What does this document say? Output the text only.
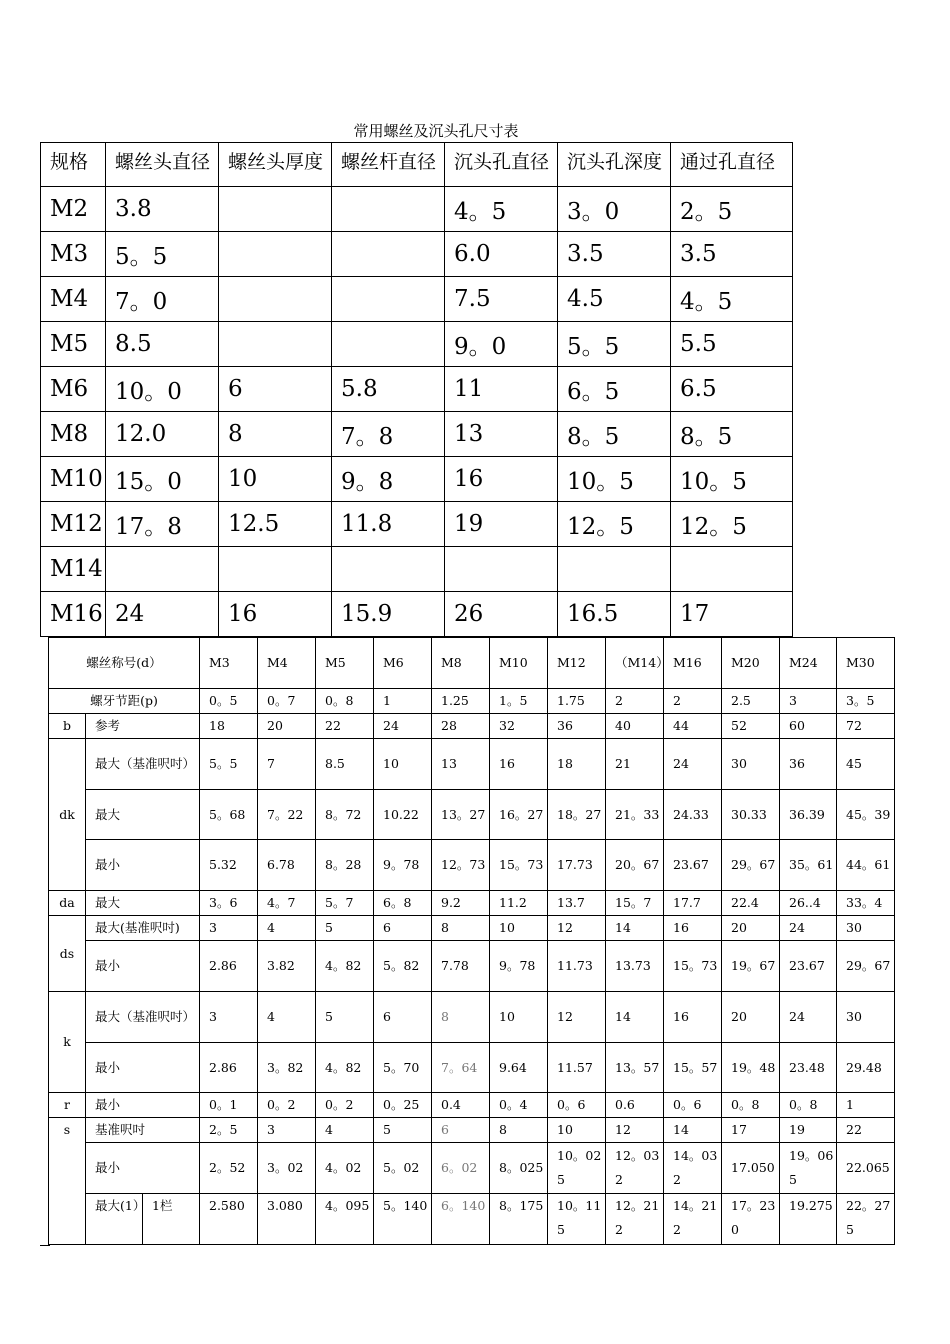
常用螺丝及沉头孔尺寸表
规格	螺丝头直径	螺丝头厚度	螺丝杆直径	沉头孔直径	沉头孔深度	通过孔直径
M2	3.8			4。5	3。0	2。5
M3	5。5			6.0	3.5	3.5
M4	7。0			7.5	4.5	4。5
M5	8.5			9。0	5。5	5.5
M6	10。0	6	5.8	11	6。5	6.5
M8	12.0	8	7。8	13	8。5	8。5
M10	15。0	10	9。8	16	10。5	10。5
M12	17。8	12.5	11.8	19	12。5	12。5
M14						
M16	24	16	15.9	26	16.5	17
螺丝称号(d）			M3	M4	M5	M6	M8	M10	M12	（M14）	M16	M20	M24	M30
螺牙节距(p)			0。5	0。7	0。8	1	1.25	1。5	1.75	2	2	2.5	3	3。5
b	参考		18	20	22	24	28	32	36	40	44	52	60	72
dk	最大（基准呎吋）		5。5	7	8.5	10	13	16	18	21	24	30	36	45
	最大		5。68	7。22	8。72	10.22	13。27	16。27	18。27	21。33	24.33	30.33	36.39	45。39
	最小		5.32	6.78	8。28	9。78	12。73	15。73	17.73	20。67	23.67	29。67	35。61	44。61
da	最大		3。6	4。7	5。7	6。8	9.2	11.2	13.7	15。7	17.7	22.4	26..4	33。4
ds	最大(基准呎吋)		3	4	5	6	8	10	12	14	16	20	24	30
	最小		2.86	3.82	4。82	5。82	7.78	9。78	11.73	13.73	15。73	19。67	23.67	29。67
k	最大（基准呎吋）		3	4	5	6	8	10	12	14	16	20	24	30
	最小		2.86	3。82	4。82	5。70	7。64	9.64	11.57	13。57	15。57	19。48	23.48	29.48
r	最小		0。1	0。2	0。2	0。25	0.4	0。4	0。6	0.6	0。6	0。8	0。8	1
s	基准呎吋		2。5	3	4	5	6	8	10	12	14	17	19	22
	最小		2。52	3。02	4。02	5。02	6。02	8。025	10。025	12。032	14。032	17.050	19。065	22.065
	最大(1）	1栏	2.580	3.080	4。095	5。140	6。140	8。175	10。115	12。212	14。212	17。230	19.275	22。275
